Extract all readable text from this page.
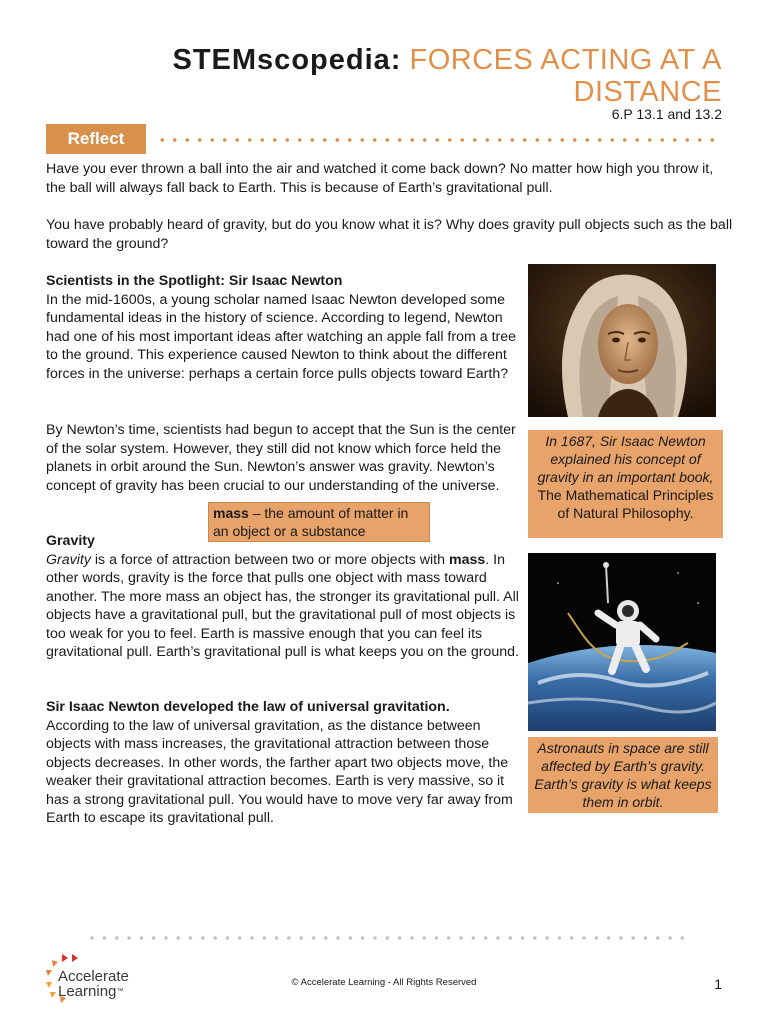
STEMscopedia: FORCES ACTING AT A
DISTANCE
6.P 13.1 and 13.2
Reflect
Have you ever thrown a ball into the air and watched it come back down? No matter how high you throw it, the ball will always fall back to Earth. This is because of Earth’s gravitational pull.
You have probably heard of gravity, but do you know what it is? Why does gravity pull objects such as the ball toward the ground?
Scientists in the Spotlight: Sir Isaac Newton
In the mid-1600s, a young scholar named Isaac Newton developed some fundamental ideas in the history of science. According to legend, Newton had one of his most important ideas after watching an apple fall from a tree to the ground. This experience caused Newton to think about the different forces in the universe: perhaps a certain force pulls objects toward Earth?
By Newton’s time, scientists had begun to accept that the Sun is the center of the solar system. However, they still did not know which force held the planets in orbit around the Sun. Newton’s answer was gravity. Newton’s concept of gravity has been crucial to our understanding of the universe.
mass – the amount of matter in an object or a substance
Gravity
Gravity is a force of attraction between two or more objects with mass. In other words, gravity is the force that pulls one object with mass toward another. The more mass an object has, the stronger its gravitational pull. All objects have a gravitational pull, but the gravitational pull of most objects is too weak for you to feel. Earth is massive enough that you can feel its gravitational pull. Earth’s gravitational pull is what keeps you on the ground.
Sir Isaac Newton developed the law of universal gravitation.
According to the law of universal gravitation, as the distance between objects with mass increases, the gravitational attraction between those objects decreases. In other words, the farther apart two objects move, the weaker their gravitational attraction becomes. Earth is very massive, so it has a strong gravitational pull. You would have to move very far away from Earth to escape its gravitational pull.
In 1687, Sir Isaac Newton explained his concept of gravity in an important book, The Mathematical Principles of Natural Philosophy.
Astronauts in space are still affected by Earth’s gravity. Earth’s gravity is what keeps them in orbit.
Accelerate
Learning™
© Accelerate Learning - All Rights Reserved	1
